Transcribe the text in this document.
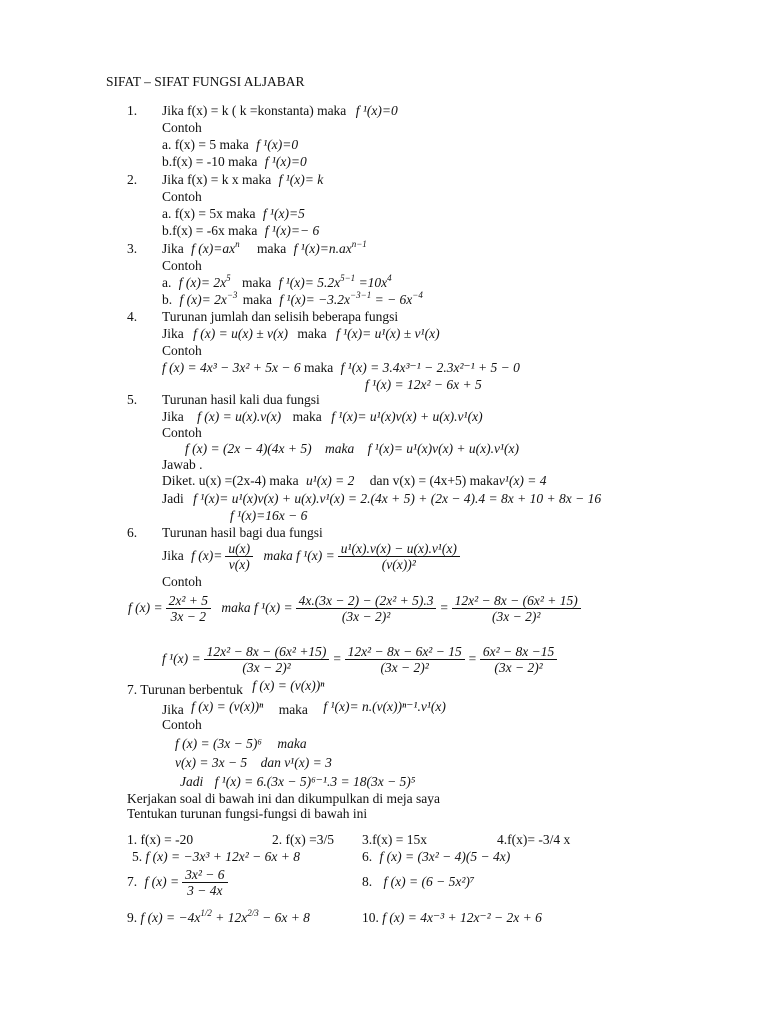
SIFAT – SIFAT FUNGSI ALJABAR
1. Jika f(x) = k ( k =konstanta) maka f ¹(x)=0
Contoh
a. f(x) = 5 maka f ¹(x)=0
b.f(x) = -10 maka f ¹(x)=0
2. Jika f(x) = k x maka f ¹(x)= k
Contoh
a. f(x) = 5x maka f ¹(x)=5
b.f(x) = -6x maka f ¹(x)=− 6
3. Jika f $(x)=ax^n$ maka f $^1(x)=n.ax^{n-1}$
Contoh
a. f $(x)= 2x^5$ maka f $^1(x)= 5.2x^{5-1} =10x^4$
b. f $(x)= 2x^{-3}$ maka f $^1(x)= -3.2x^{-3-1}$ = − $6x^{-4}$
4. Turunan jumlah dan selisih beberapa fungsi
Jika f (x) = u(x) ± v(x) maka f ¹(x)= u¹(x) ± v¹(x)
Contoh
f (x) = 4x³ − 3x² + 5x − 6 maka f ¹(x) = 3.4x³⁻¹ − 2.3x²⁻¹ + 5 − 0
f ¹(x) = 12x² − 6x + 5
5. Turunan hasil kali dua fungsi
Jika f (x) = u(x).v(x) maka f ¹(x)= u¹(x)v(x) + u(x).v¹(x)
Contoh
f (x) = (2x − 4)(4x + 5) maka f ¹(x)= u¹(x)v(x) + u(x).v¹(x)
Jawab .
Diket. u(x) =(2x-4) maka u¹(x) = 2 dan v(x) = (4x+5) makav¹(x) = 4
Jadi f ¹(x)= u¹(x)v(x) + u(x).v¹(x) = 2.(4x + 5) + (2x − 4).4 = 8x + 10 + 8x − 16
f ¹(x)=16x − 6
6. Turunan hasil bagi dua fungsi
Jika f $(x)= \frac{u(x)}{v(x)}$ maka f $^1(x) = \frac{\text{u¹(x).v(x) − u(x).v¹(x)}}{\text{(v(x))²}}$
Contoh
f $(x) = \frac{\text{2x² + 5}}{3x - 2}$ maka f $^1(x) = \frac{\text{4x.(3x − 2) − (2x² + 5).3}}{\text{(3x − 2)²}} = \frac{\text{12x² − 8x − (6x² + 15)}}{\text{(3x − 2)²}}$
f $^1(x) = \frac{\text{12x² − 8x − (6x² +15)}}{\text{(3x − 2)²}} = \frac{\text{12x² − 8x − 6x² − 15}}{\text{(3x − 2)²}} = \frac{\text{6x² − 8x −15}}{\text{(3x − 2)²}}$
7. Turunan berbentuk f (x) = (v(x))ⁿ
Jika f (x) = (v(x))ⁿ maka f ¹(x)= n.(v(x))ⁿ⁻¹.v¹(x)
Contoh
f (x) = (3x − 5)⁶ maka
v(x) = 3x − 5 dan v¹(x) = 3
Jadi f ¹(x) = 6.(3x − 5)⁶⁻¹.3 = 18(3x − 5)⁵
Kerjakan soal di bawah ini dan dikumpulkan di meja saya
Tentukan turunan fungsi-fungsi di bawah ini
1. f(x) = -20	2. f(x) =3/5 3.f(x) = 15x	4.f(x)= -3/4 x
5. f (x) = −3x³ + 12x² − 6x + 8	6. f (x) = (3x² − 4)(5 − 4x)
7. f $(x) = \frac{\text{3x² − 6}}{3 - 4x}$	8. f (x) = (6 − 5x²)⁷
9. f $(x) = -4x^{1/2} + 12x^{2/3} - 6x + 8$	10. f (x) = 4x⁻³ + 12x⁻² − 2x + 6
